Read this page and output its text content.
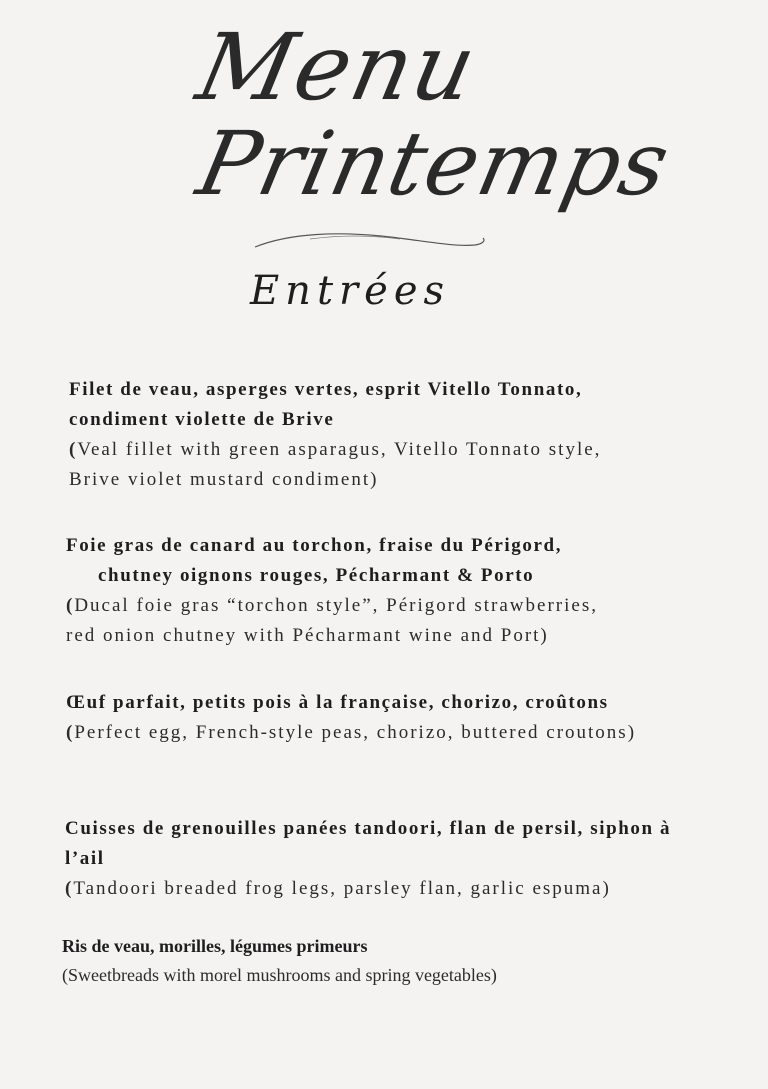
Menu
Printemps
Entrées
Filet de veau, asperges vertes, esprit Vitello Tonnato,
condiment violette de Brive
(Veal fillet with green asparagus, Vitello Tonnato style,
Brive violet mustard condiment)
Foie gras de canard au torchon, fraise du Périgord,
chutney oignons rouges, Pécharmant & Porto
(Ducal foie gras “torchon style”, Périgord strawberries,
red onion chutney with Pécharmant wine and Port)
Œuf parfait, petits pois à la française, chorizo, croûtons
(Perfect egg, French-style peas, chorizo, buttered croutons)
Cuisses de grenouilles panées tandoori, flan de persil, siphon à
l’ail
(Tandoori breaded frog legs, parsley flan, garlic espuma)
Ris de veau, morilles, légumes primeurs
(Sweetbreads with morel mushrooms and spring vegetables)
